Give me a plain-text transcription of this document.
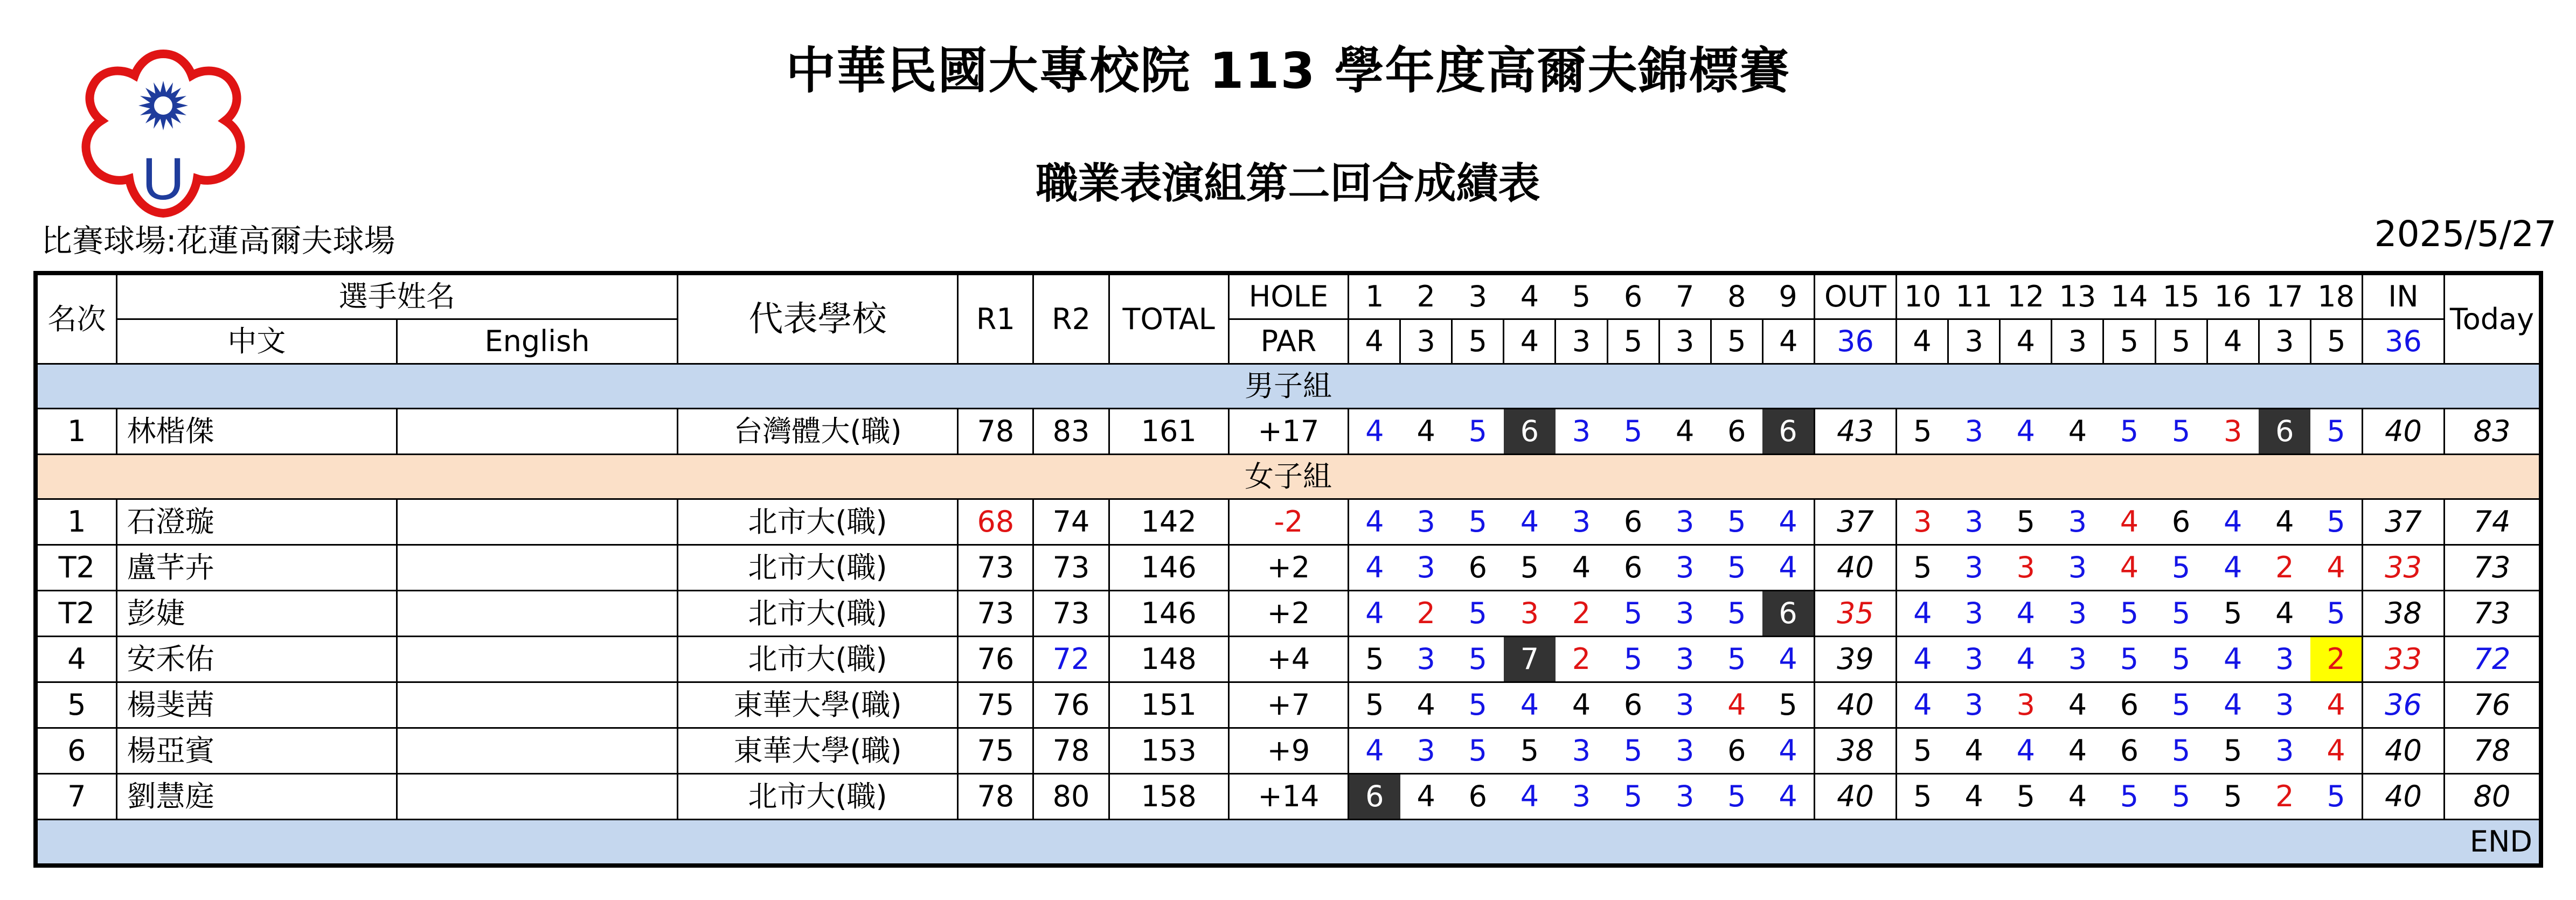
U
中華民國大專校院 113 學年度高爾夫錦標賽
職業表演組第二回合成績表
比賽球場:花蓮高爾夫球場	2025/5/27
名次	選手姓名		代表學校	R1	R2	TOTAL	HOLE	1	2	3	4	5	6	7	8	9	OUT	10	11	12	13	14	15	16	17	18	IN	Today
	中文	English					PAR	4	3	5	4	3	5	3	5	4	36	4	3	4	3	5	5	4	3	5	36	
男子組																												
1	林楷傑		台灣體大(職)	78	83	161	+17	4	4	5	6	3	5	4	6	6	43	5	3	4	4	5	5	3	6	5	40	83
女子組																												
1	石澄璇		北市大(職)	68	74	142	-2	4	3	5	4	3	6	3	5	4	37	3	3	5	3	4	6	4	4	5	37	74
T2	盧芊卉		北市大(職)	73	73	146	+2	4	3	6	5	4	6	3	5	4	40	5	3	3	3	4	5	4	2	4	33	73
T2	彭婕		北市大(職)	73	73	146	+2	4	2	5	3	2	5	3	5	6	35	4	3	4	3	5	5	5	4	5	38	73
4	安禾佑		北市大(職)	76	72	148	+4	5	3	5	7	2	5	3	5	4	39	4	3	4	3	5	5	4	3	2	33	72
5	楊斐茜		東華大學(職)	75	76	151	+7	5	4	5	4	4	6	3	4	5	40	4	3	3	4	6	5	4	3	4	36	76
6	楊亞賓		東華大學(職)	75	78	153	+9	4	3	5	5	3	5	3	6	4	38	5	4	4	4	6	5	5	3	4	40	78
7	劉慧庭		北市大(職)	78	80	158	+14	6	4	6	4	3	5	3	5	4	40	5	4	5	4	5	5	5	2	5	40	80
END																												
